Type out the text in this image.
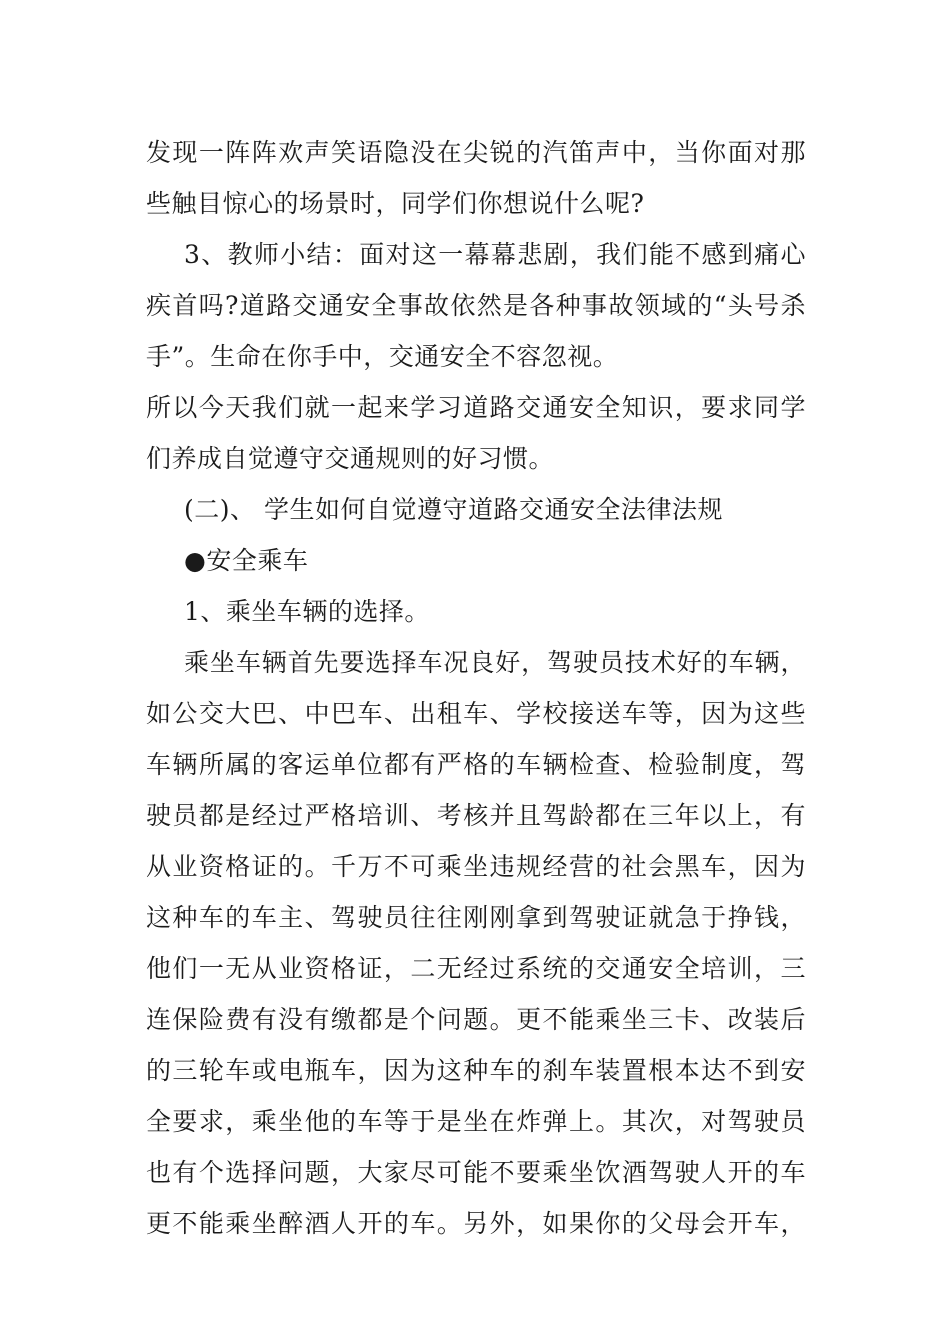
发现一阵阵欢声笑语隐没在尖锐的汽笛声中，当你面对那
些触目惊心的场景时，同学们你想说什么呢?
3、教师小结：面对这一幕幕悲剧，我们能不感到痛心
疾首吗?道路交通安全事故依然是各种事故领域的“头号杀
手”。生命在你手中，交通安全不容忽视。
所以今天我们就一起来学习道路交通安全知识，要求同学
们养成自觉遵守交通规则的好习惯。
(二)、 学生如何自觉遵守道路交通安全法律法规
●安全乘车
1、乘坐车辆的选择。
乘坐车辆首先要选择车况良好，驾驶员技术好的车辆，
如公交大巴、中巴车、出租车、学校接送车等，因为这些
车辆所属的客运单位都有严格的车辆检查、检验制度，驾
驶员都是经过严格培训、考核并且驾龄都在三年以上，有
从业资格证的。千万不可乘坐违规经营的社会黑车，因为
这种车的车主、驾驶员往往刚刚拿到驾驶证就急于挣钱，
他们一无从业资格证，二无经过系统的交通安全培训，三
连保险费有没有缴都是个问题。更不能乘坐三卡、改装后
的三轮车或电瓶车，因为这种车的刹车装置根本达不到安
全要求，乘坐他的车等于是坐在炸弹上。其次，对驾驶员
也有个选择问题，大家尽可能不要乘坐饮酒驾驶人开的车
更不能乘坐醉酒人开的车。另外，如果你的父母会开车，
